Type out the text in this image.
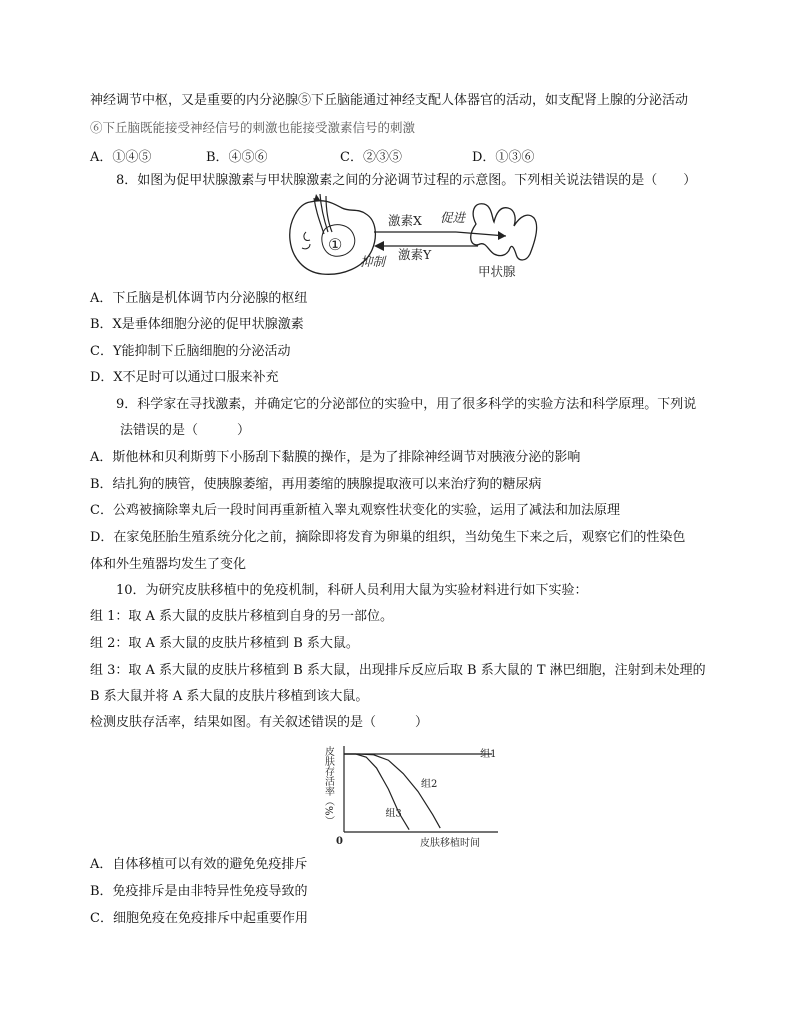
神经调节中枢，又是重要的内分泌腺⑤下丘脑能通过神经支配人体器官的活动，如支配肾上腺的分泌活动
⑥下丘脑既能接受神经信号的刺激也能接受激素信号的刺激
A．①④⑤	B．④⑤⑥	C．②③⑤	D．①③⑥
8．如图为促甲状腺激素与甲状腺激素之间的分泌调节过程的示意图。下列相关说法错误的是（　　）
①
激素X 促进
激素Y
抑制
甲状腺
A．下丘脑是机体调节内分泌腺的枢纽
B．X是垂体细胞分泌的促甲状腺激素
C．Y能抑制下丘脑细胞的分泌活动
D．X不足时可以通过口服来补充
9．科学家在寻找激素，并确定它的分泌部位的实验中，用了很多科学的实验方法和科学原理。下列说
法错误的是（　　　）
A．斯他林和贝利斯剪下小肠刮下黏膜的操作，是为了排除神经调节对胰液分泌的影响
B．结扎狗的胰管，使胰腺萎缩，再用萎缩的胰腺提取液可以来治疗狗的糖尿病
C．公鸡被摘除睾丸后一段时间再重新植入睾丸观察性状变化的实验，运用了减法和加法原理
D．在家兔胚胎生殖系统分化之前，摘除即将发育为卵巢的组织，当幼兔生下来之后，观察它们的性染色
体和外生殖器均发生了变化
10．为研究皮肤移植中的免疫机制，科研人员利用大鼠为实验材料进行如下实验：
组 1：取 A 系大鼠的皮肤片移植到自身的另一部位。
组 2：取 A 系大鼠的皮肤片移植到 B 系大鼠。
组 3：取 A 系大鼠的皮肤片移植到 B 系大鼠，出现排斥反应后取 B 系大鼠的 T 淋巴细胞，注射到未处理的
B 系大鼠并将 A 系大鼠的皮肤片移植到该大鼠。
检测皮肤存活率，结果如图。有关叙述错误的是（　　　）
组1
组2
组3
0	皮肤移植时间
皮肤存活率（%）
A．自体移植可以有效的避免免疫排斥
B．免疫排斥是由非特异性免疫导致的
C．细胞免疫在免疫排斥中起重要作用
